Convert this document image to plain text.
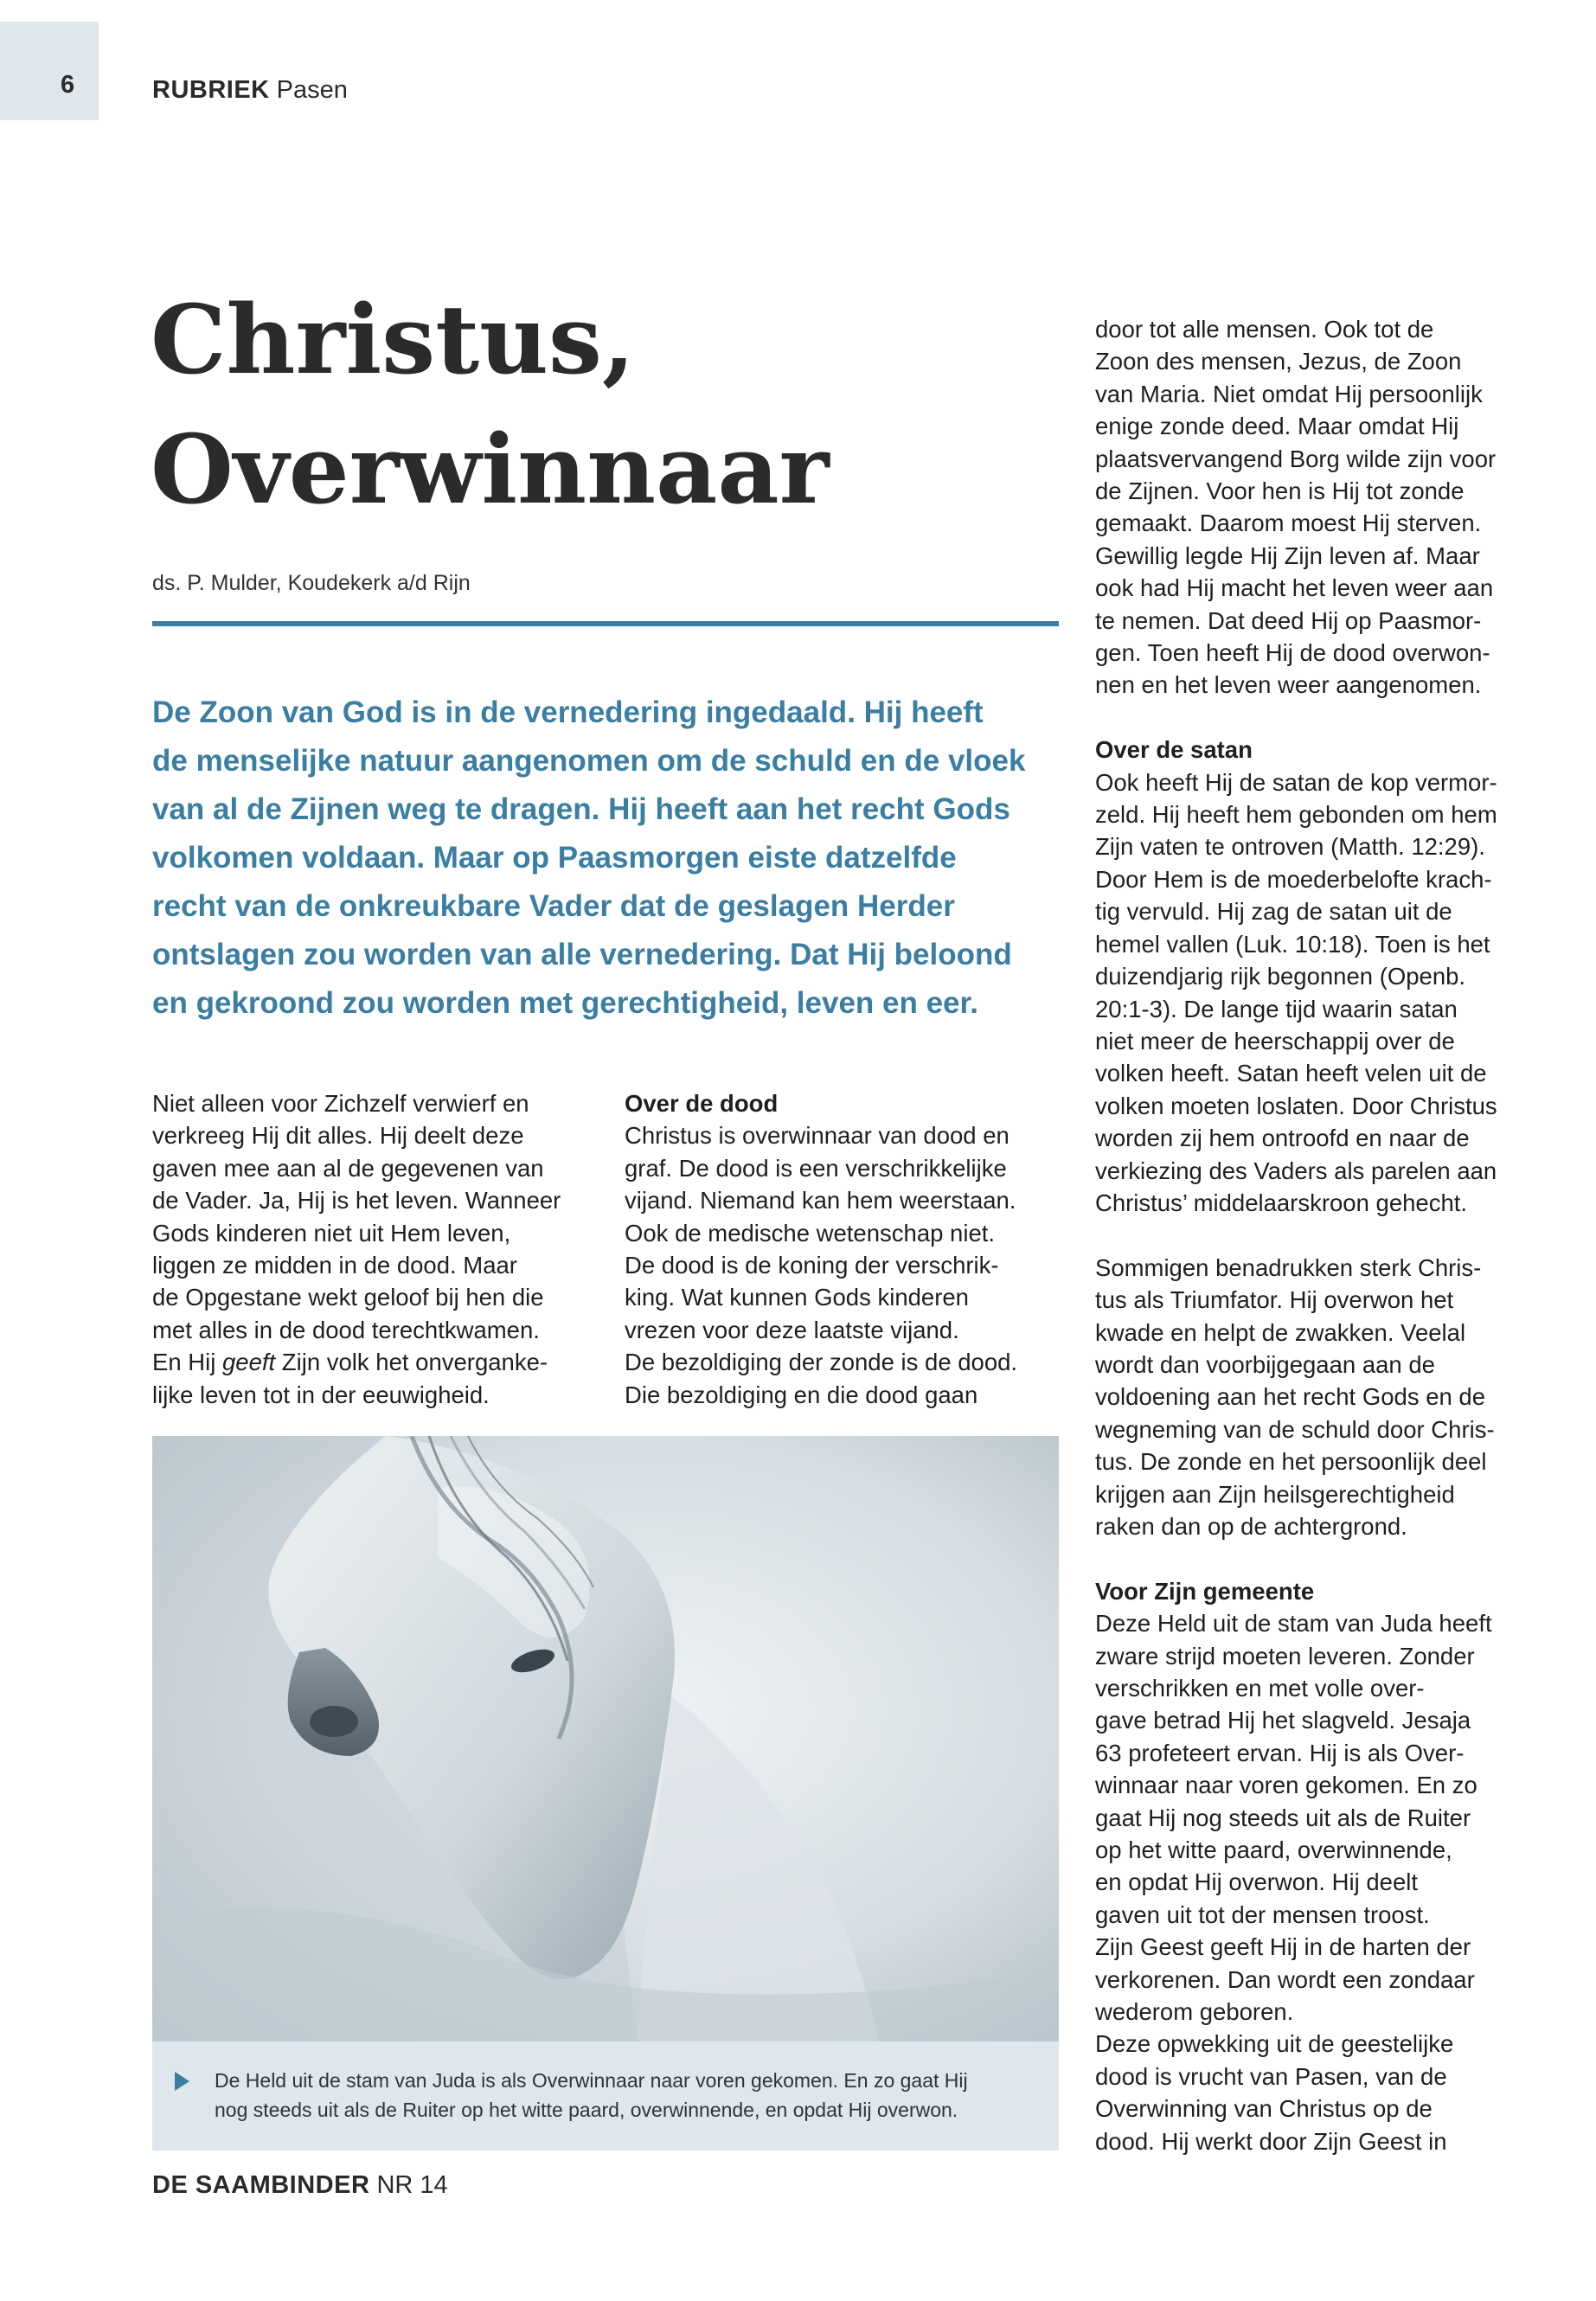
6	RUBRIEK Pasen
Christus,
Overwinnaar
ds. P. Mulder, Koudekerk a/d Rijn
De Zoon van God is in de vernedering ingedaald. Hij heeft
de menselijke natuur aangenomen om de schuld en de vloek
van al de Zijnen weg te dragen. Hij heeft aan het recht Gods
volkomen voldaan. Maar op Paasmorgen eiste datzelfde
recht van de onkreukbare Vader dat de geslagen Herder
ontslagen zou worden van alle vernedering. Dat Hij beloond
en gekroond zou worden met gerechtigheid, leven en eer.
Niet alleen voor Zichzelf verwierf en
verkreeg Hij dit alles. Hij deelt deze
gaven mee aan al de gegevenen van
de Vader. Ja, Hij is het leven. Wanneer
Gods kinderen niet uit Hem leven,
liggen ze midden in de dood. Maar
de Opgestane wekt geloof bij hen die
met alles in de dood terechtkwamen.
En Hij geeft Zijn volk het onverganke-
lijke leven tot in der eeuwigheid.
Over de dood
Christus is overwinnaar van dood en
graf. De dood is een verschrikkelijke
vijand. Niemand kan hem weerstaan.
Ook de medische wetenschap niet.
De dood is de koning der verschrik-
king. Wat kunnen Gods kinderen
vrezen voor deze laatste vijand.
De bezoldiging der zonde is de dood.
Die bezoldiging en die dood gaan
door tot alle mensen. Ook tot de
Zoon des mensen, Jezus, de Zoon
van Maria. Niet omdat Hij persoonlijk
enige zonde deed. Maar omdat Hij
plaatsvervangend Borg wilde zijn voor
de Zijnen. Voor hen is Hij tot zonde
gemaakt. Daarom moest Hij sterven.
Gewillig legde Hij Zijn leven af. Maar
ook had Hij macht het leven weer aan
te nemen. Dat deed Hij op Paasmor-
gen. Toen heeft Hij de dood overwon-
nen en het leven weer aangenomen.
Over de satan
Ook heeft Hij de satan de kop vermor-
zeld. Hij heeft hem gebonden om hem
Zijn vaten te ontroven (Matth. 12:29).
Door Hem is de moederbelofte krach-
tig vervuld. Hij zag de satan uit de
hemel vallen (Luk. 10:18). Toen is het
duizendjarig rijk begonnen (Openb.
20:1-3). De lange tijd waarin satan
niet meer de heerschappij over de
volken heeft. Satan heeft velen uit de
volken moeten loslaten. Door Christus
worden zij hem ontroofd en naar de
verkiezing des Vaders als parelen aan
Christus’ middelaarskroon gehecht.
Sommigen benadrukken sterk Chris-
tus als Triumfator. Hij overwon het
kwade en helpt de zwakken. Veelal
wordt dan voorbijgegaan aan de
voldoening aan het recht Gods en de
wegneming van de schuld door Chris-
tus. De zonde en het persoonlijk deel
krijgen aan Zijn heilsgerechtigheid
raken dan op de achtergrond.
Voor Zijn gemeente
Deze Held uit de stam van Juda heeft
zware strijd moeten leveren. Zonder
verschrikken en met volle over-
gave betrad Hij het slagveld. Jesaja
63 profeteert ervan. Hij is als Over-
winnaar naar voren gekomen. En zo
gaat Hij nog steeds uit als de Ruiter
op het witte paard, overwinnende,
en opdat Hij overwon. Hij deelt
gaven uit tot der mensen troost.
Zijn Geest geeft Hij in de harten der
verkorenen. Dan wordt een zondaar
wederom geboren.
Deze opwekking uit de geestelijke
dood is vrucht van Pasen, van de
Overwinning van Christus op de
dood. Hij werkt door Zijn Geest in
De Held uit de stam van Juda is als Overwinnaar naar voren gekomen. En zo gaat Hij
nog steeds uit als de Ruiter op het witte paard, overwinnende, en opdat Hij overwon.
DE SAAMBINDER NR 14
